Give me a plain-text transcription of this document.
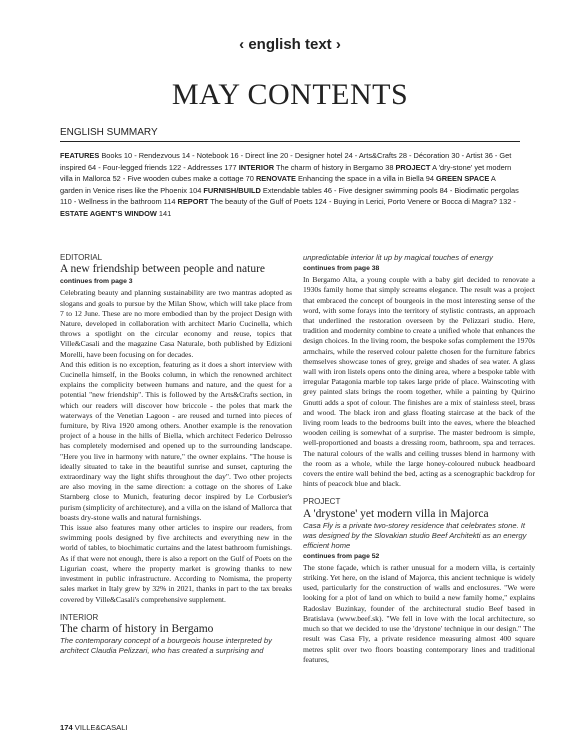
‹ english text ›
MAY CONTENTS
ENGLISH SUMMARY
FEATURES Books 10 - Rendezvous 14 - Notebook 16 - Direct line 20 - Designer hotel 24 - Arts&Crafts 28 - Décoration 30 - Artist 36 - Get inspired 64 - Four-legged friends 122 - Addresses 177 INTERIOR The charm of history in Bergamo 38 PROJECT A 'dry-stone' yet modern villa in Mallorca 52 - Five wooden cubes make a cottage 70 RENOVATE Enhancing the space in a villa in Biella 94 GREEN SPACE A garden in Venice rises like the Phoenix 104 FURNISH/BUILD Extendable tables 46 - Five designer swimming pools 84 - Biodimatic pergolas 110 - Wellness in the bathroom 114 REPORT The beauty of the Gulf of Poets 124 - Buying in Lerici, Porto Venere or Bocca di Magra? 132 - ESTATE AGENT'S WINDOW 141
EDITORIAL
A new friendship between people and nature
continues from page 3

Celebrating beauty and planning sustainability are two mantras adopted as slogans and goals to pursue by the Milan Show, which will take place from 7 to 12 June. These are no more embodied than by the project Design with Nature, developed in collaboration with architect Mario Cucinella, which throws a spotlight on the circular economy and reuse, topics that Ville&Casali and the magazine Casa Naturale, both published by Edizioni Morelli, have been focusing on for decades.

And this edition is no exception, featuring as it does a short interview with Cucinella himself, in the Books column, in which the renowned architect explains the complicity between humans and nature, and the quest for a potential "new friendship". This is followed by the Arts&Crafts section, in which our readers will discover how briccole - the poles that mark the waterways of the Venetian Lagoon - are reused and turned into pieces of furniture, by Riva 1920 among others. Another example is the renovation project of a house in the hills of Biella, which architect Federico Delrosso has completely modernised and opened up to the surrounding landscape. "Here you live in harmony with nature," the owner explains. "The house is ideally situated to take in the beautiful sunrise and sunset, capturing the extraordinary way the light shifts throughout the day". Two other projects are also moving in the same direction: a cottage on the shores of Lake Starnberg close to Munich, featuring decor inspired by Le Corbusier's purism (simplicity of architecture), and a villa on the island of Mallorca that boasts dry-stone walls and natural furnishings.

This issue also features many other articles to inspire our readers, from swimming pools designed by five architects and everything new in the world of tables, to biochimatic curtains and the latest bathroom furnishings. As if that were not enough, there is also a report on the Gulf of Poets on the Ligurian coast, where the property market is growing thanks to new investment in public infrastructure. According to Nomisma, the property sales market in Italy grew by 32% in 2021, thanks in part to the tax breaks covered by Ville&Casali's comprehensive supplement.

INTERIOR
The charm of history in Bergamo
The contemporary concept of a bourgeois house interpreted by architect Claudia Pelizzari, who has created a surprising and
unpredictable interior lit up by magical touches of energy
continues from page 38

In Bergamo Alta, a young couple with a baby girl decided to renovate a 1930s family home that simply screams elegance. The result was a project that embraced the concept of bourgeois in the most interesting sense of the word, with some forays into the territory of stylistic contrasts, an approach that underlined the restoration overseen by the Pelizzari studio. Here, tradition and modernity combine to create a unified whole that enhances the design choices. In the living room, the bespoke sofas complement the 1970s armchairs, while the reserved colour palette chosen for the furniture fabrics themselves showcase tones of grey, greige and shades of sea water. A glass wall with iron listels opens onto the dining area, where a bespoke table with irregular Patagonia marble top takes large pride of place. Wainscoting with grey painted slats brings the room together, while a painting by Quirino Gnutti adds a spot of colour. The finishes are a mix of stainless steel, brass and wood. The black iron and glass floating staircase at the back of the living room leads to the bedrooms built into the eaves, where the bleached wooden ceiling is somewhat of a surprise. The master bedroom is simple, well-proportioned and boasts a dressing room, bathroom, spa and terraces. The natural colours of the walls and ceiling trusses blend in harmony with the room as a whole, while the large honey-coloured nubuck headboard covers the entire wall behind the bed, acting as a scenographic backdrop for hints of peacock blue and black.

PROJECT
A 'drystone' yet modern villa in Majorca
Casa Fly is a private two-storey residence that celebrates stone. It was designed by the Slovakian studio Beef Architekti as an energy efficient home
continues from page 52

The stone façade, which is rather unusual for a modern villa, is certainly striking. Yet here, on the island of Majorca, this ancient technique is widely used, particularly for the construction of walls and enclosures. "We were looking for a plot of land on which to build a new family home," explains Radoslav Buzinkay, founder of the architectural studio Beef based in Bratislava (www.beef.sk). "We fell in love with the local architecture, so much so that we decided to use the 'drystone' technique in our design." The result was Casa Fly, a private residence measuring almost 400 square metres split over two floors boasting contemporary lines and traditional features,

174 VILLE&CASALI
